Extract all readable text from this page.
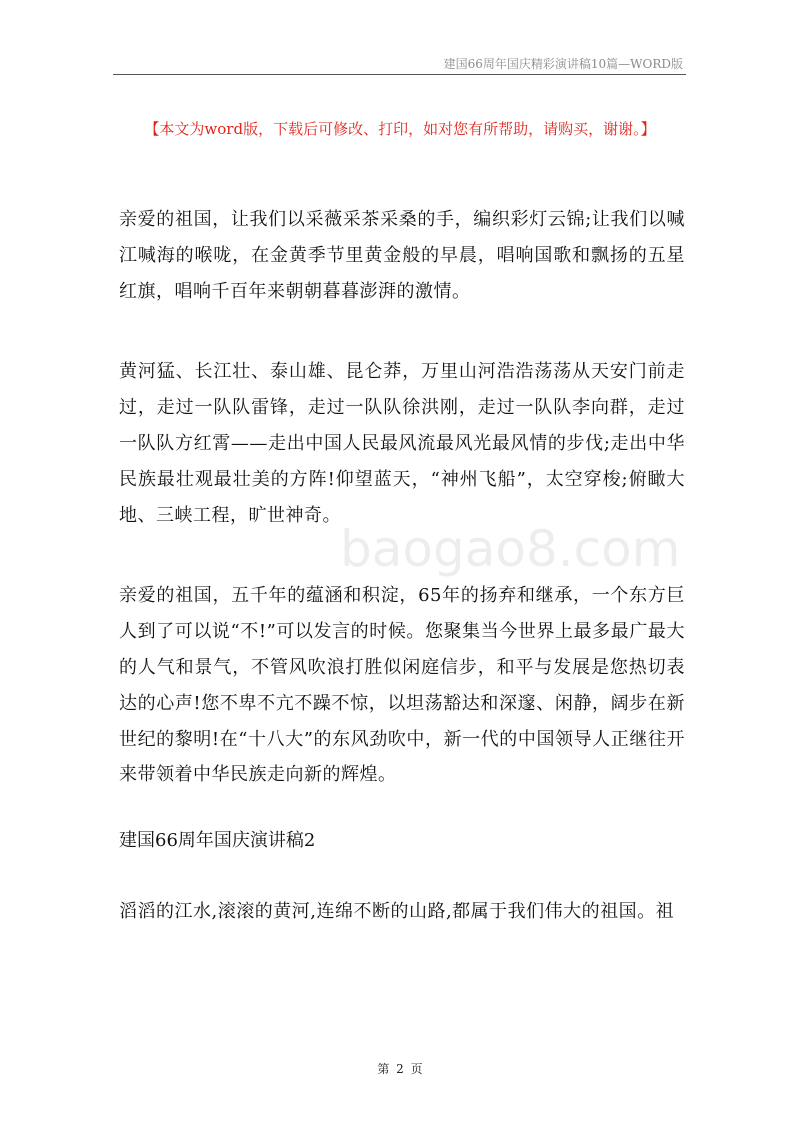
建国66周年国庆精彩演讲稿10篇—WORD版
【本文为word版，下载后可修改、打印，如对您有所帮助，请购买，谢谢。】
baogao8.com

亲爱的祖国，让我们以采薇采茶采桑的手，编织彩灯云锦;让我们以喊江喊海的喉咙，在金黄季节里黄金般的早晨，唱响国歌和飘扬的五星红旗，唱响千百年来朝朝暮暮澎湃的激情。

黄河猛、长江壮、泰山雄、昆仑莽，万里山河浩浩荡荡从天安门前走过，走过一队队雷锋，走过一队队徐洪刚，走过一队队李向群，走过一队队方红霄——走出中国人民最风流最风光最风情的步伐;走出中华民族最壮观最壮美的方阵!仰望蓝天，“神州飞船”，太空穿梭;俯瞰大地、三峡工程，旷世神奇。

亲爱的祖国，五千年的蕴涵和积淀，65年的扬弃和继承，一个东方巨人到了可以说“不!”可以发言的时候。您聚集当今世界上最多最广最大的人气和景气，不管风吹浪打胜似闲庭信步，和平与发展是您热切表达的心声!您不卑不亢不躁不惊，以坦荡豁达和深邃、闲静，阔步在新世纪的黎明!在“十八大”的东风劲吹中，新一代的中国领导人正继往开来带领着中华民族走向新的辉煌。

建国66周年国庆演讲稿2

滔滔的江水,滚滚的黄河,连绵不断的山路,都属于我们伟大的祖国。祖

第 2 页
